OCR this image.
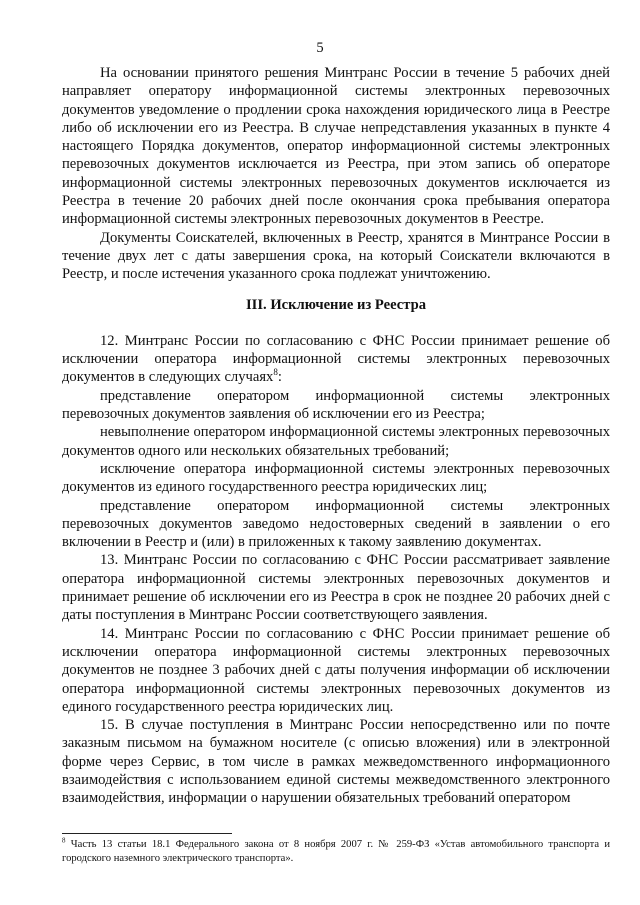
5

На основании принятого решения Минтранс России в течение 5 рабочих дней направляет оператору информационной системы электронных перевозочных документов уведомление о продлении срока нахождения юридического лица в Реестре либо об исключении его из Реестра. В случае непредставления указанных в пункте 4 настоящего Порядка документов, оператор информационной системы электронных перевозочных документов исключается из Реестра, при этом запись об операторе информационной системы электронных перевозочных документов исключается из Реестра в течение 20 рабочих дней после окончания срока пребывания оператора информационной системы электронных перевозочных документов в Реестре.

Документы Соискателей, включенных в Реестр, хранятся в Минтрансе России в течение двух лет с даты завершения срока, на который Соискатели включаются в Реестр, и после истечения указанного срока подлежат уничтожению.

III. Исключение из Реестра

12. Минтранс России по согласованию с ФНС России принимает решение об исключении оператора информационной системы электронных перевозочных документов в следующих случаях$^8$:

представление оператором информационной системы электронных перевозочных документов заявления об исключении его из Реестра;

невыполнение оператором информационной системы электронных перевозочных документов одного или нескольких обязательных требований;

исключение оператора информационной системы электронных перевозочных документов из единого государственного реестра юридических лиц;

представление оператором информационной системы электронных перевозочных документов заведомо недостоверных сведений в заявлении о его включении в Реестр и (или) в приложенных к такому заявлению документах.

13. Минтранс России по согласованию с ФНС России рассматривает заявление оператора информационной системы электронных перевозочных документов и принимает решение об исключении его из Реестра в срок не позднее 20 рабочих дней с даты поступления в Минтранс России соответствующего заявления.

14. Минтранс России по согласованию с ФНС России принимает решение об исключении оператора информационной системы электронных перевозочных документов не позднее 3 рабочих дней с даты получения информации об исключении оператора информационной системы электронных перевозочных документов из единого государственного реестра юридических лиц.

15. В случае поступления в Минтранс России непосредственно или по почте заказным письмом на бумажном носителе (с описью вложения) или в электронной форме через Сервис, в том числе в рамках межведомственного информационного взаимодействия с использованием единой системы межведомственного электронного взаимодействия, информации о нарушении обязательных требований оператором

$^8$ Часть 13 статьи 18.1 Федерального закона от 8 ноября 2007 г. № 259-ФЗ «Устав автомобильного транспорта и городского наземного электрического транспорта».
